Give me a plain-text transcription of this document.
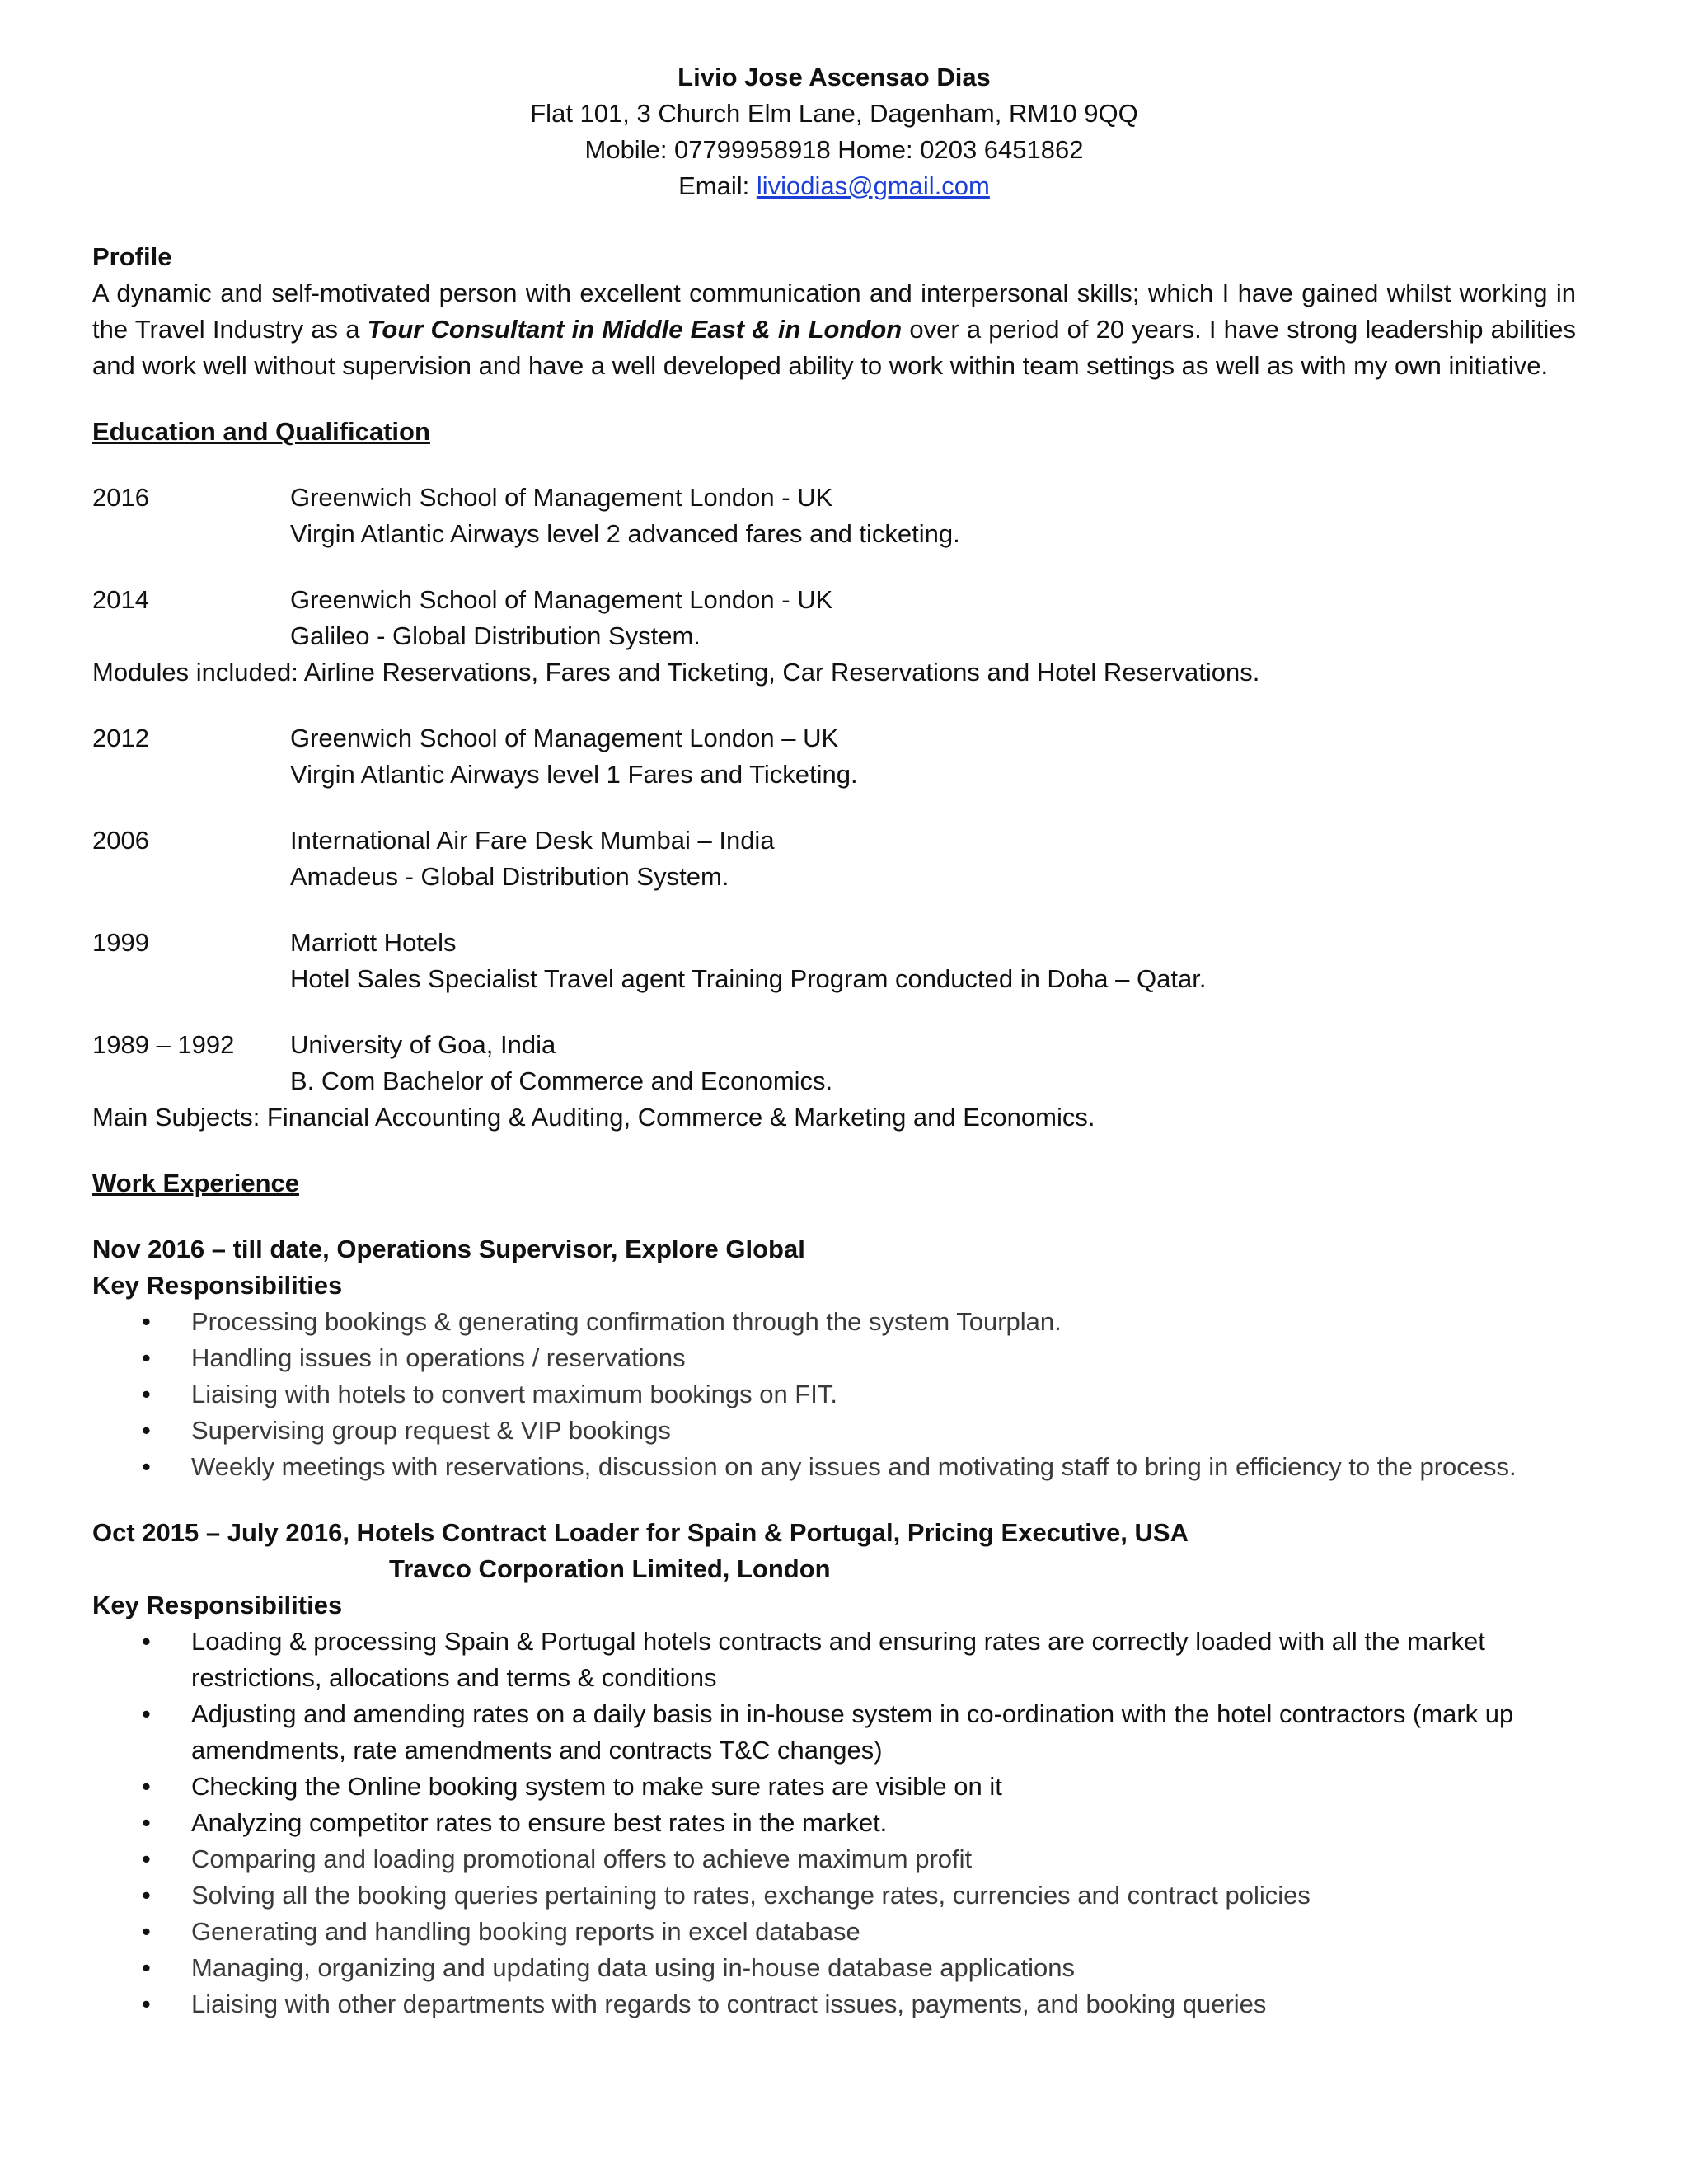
Livio Jose Ascensao Dias
Flat 101, 3 Church Elm Lane, Dagenham, RM10 9QQ
Mobile: 07799958918 Home: 0203 6451862
Email: liviodias@gmail.com
Profile
A dynamic and self-motivated person with excellent communication and interpersonal skills; which I have gained whilst working in the Travel Industry as a Tour Consultant in Middle East & in London over a period of 20 years. I have strong leadership abilities and work well without supervision and have a well developed ability to work within team settings as well as with my own initiative.
Education and Qualification
2016	Greenwich School of Management London - UK
Virgin Atlantic Airways level 2 advanced fares and ticketing.
2014	Greenwich School of Management London - UK
Galileo - Global Distribution System.
Modules included: Airline Reservations, Fares and Ticketing, Car Reservations and Hotel Reservations.
2012	Greenwich School of Management London – UK
Virgin Atlantic Airways level 1 Fares and Ticketing.
2006	International Air Fare Desk Mumbai – India
Amadeus - Global Distribution System.
1999	Marriott Hotels
Hotel Sales Specialist Travel agent Training Program conducted in Doha – Qatar.
1989 – 1992	University of Goa, India
B. Com Bachelor of Commerce and Economics.
Main Subjects: Financial Accounting & Auditing, Commerce & Marketing and Economics.
Work Experience
Nov 2016 – till date, Operations Supervisor, Explore Global
Key Responsibilities
• Processing bookings & generating confirmation through the system Tourplan.
• Handling issues in operations / reservations
• Liaising with hotels to convert maximum bookings on FIT.
• Supervising group request & VIP bookings
• Weekly meetings with reservations, discussion on any issues and motivating staff to bring in efficiency to the process.
Oct 2015 – July 2016, Hotels Contract Loader for Spain & Portugal, Pricing Executive, USA
Travco Corporation Limited, London
Key Responsibilities
• Loading & processing Spain & Portugal hotels contracts and ensuring rates are correctly loaded with all the market restrictions, allocations and terms & conditions
• Adjusting and amending rates on a daily basis in in-house system in co-ordination with the hotel contractors (mark up amendments, rate amendments and contracts T&C changes)
• Checking the Online booking system to make sure rates are visible on it
• Analyzing competitor rates to ensure best rates in the market.
• Comparing and loading promotional offers to achieve maximum profit
• Solving all the booking queries pertaining to rates, exchange rates, currencies and contract policies
• Generating and handling booking reports in excel database
• Managing, organizing and updating data using in-house database applications
• Liaising with other departments with regards to contract issues, payments, and booking queries
